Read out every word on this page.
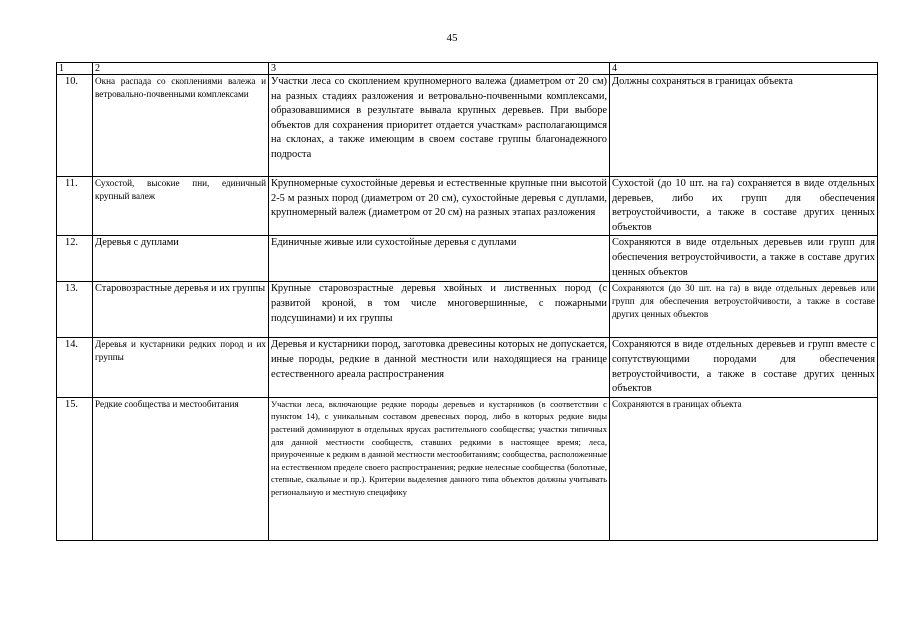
45
1	2	3	4
10.	Окна распада со скоплениями валежа и ветровально-почвенными комплексами	Участки леса со скоплением крупномерного валежа (диаметром от 20 см) на разных стадиях разложения и ветровально-почвенными комплексами, образовавшимися в результате вывала крупных деревьев. При выборе объектов для сохранения приоритет отдается участкам» располагающимся на склонах, а также имеющим в своем составе группы благонадежного подроста	Должны сохраняться в границах объекта
11.	Сухостой, высокие пни, единичный крупный валеж	Крупномерные сухостойные деревья и естественные крупные пни высотой 2-5 м разных пород (диаметром от 20 см), сухостойные деревья с дуплами, крупномерный валеж (диаметром от 20 см) на разных этапах разложения	Сухостой (до 10 шт. на га) сохраняется в виде отдельных деревьев, либо их групп для обеспечения ветроустойчивости, а также в составе других ценных объектов
12.	Деревья с дуплами	Единичные живые или сухостойные деревья с дуплами	Сохраняются в виде отдельных деревьев или групп для обеспечения ветроустойчивости, а также в составе других ценных объектов
13.	Старовозрастные деревья и их группы	Крупные старовозрастные деревья хвойных и лиственных пород (с развитой кроной, в том числе многовершинные, с пожарными подсушинами) и их группы	Сохраняются (до 30 шт. на га) в виде отдельных деревьев или групп для обеспечения ветроустойчивости, а также в составе других ценных объектов
14.	Деревья и кустарники редких пород и их группы	Деревья и кустарники пород, заготовка древесины которых не допускается, иные породы, редкие в данной местности или находящиеся на границе естественного ареала распространения	Сохраняются в виде отдельных деревьев и групп вместе с сопутствующими породами для обеспечения ветроустойчивости, а также в составе других ценных объектов
15.	Редкие сообщества и местообитания	Участки леса, включающие редкие породы деревьев и кустарников (в соответствии с пунктом 14), с уникальным составом древесных пород, либо в которых редкие виды растений доминируют в отдельных ярусах растительного сообщества; участки типичных для данной местности сообществ, ставших редкими в настоящее время; леса, приуроченные к редким в данной местности местообитаниям; сообщества, расположенные на естественном пределе своего распространения; редкие нелесные сообщества (болотные, степные, скальные и пр.). Критерии выделения данного типа объектов должны учитывать региональную и местную специфику	Сохраняются в границах объекта
